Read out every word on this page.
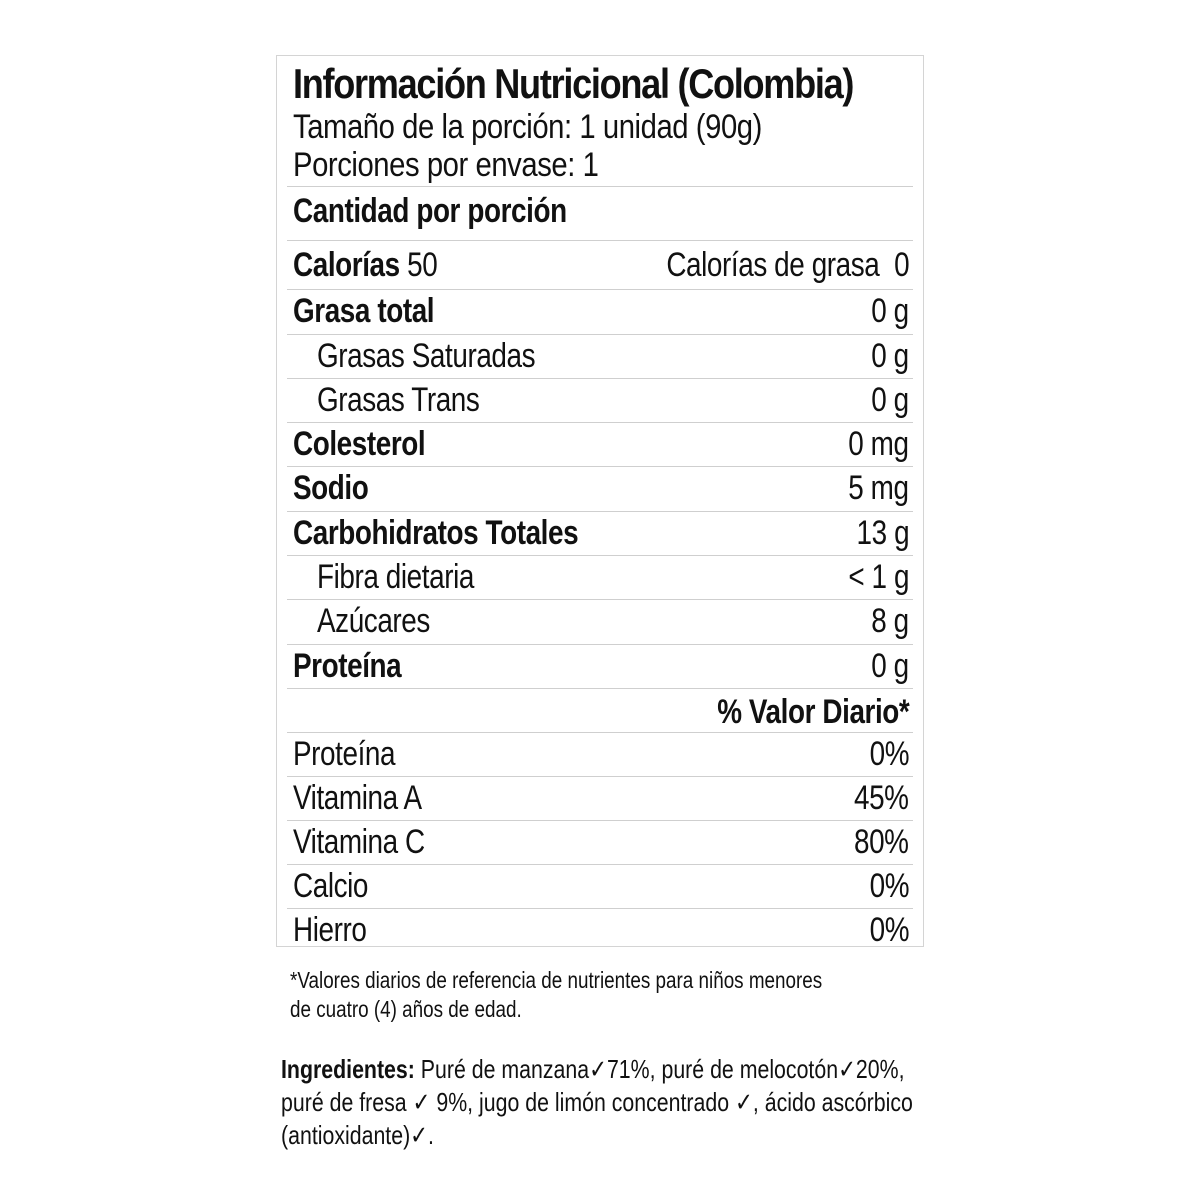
Información Nutricional (Colombia)
Tamaño de la porción: 1 unidad (90g)
Porciones por envase: 1
Cantidad por porción
Calorías 50	Calorías de grasa 0
Grasa total	0 g
Grasas Saturadas	0 g
Grasas Trans	0 g
Colesterol	0 mg
Sodio	5 mg
Carbohidratos Totales	13 g
Fibra dietaria	< 1 g
Azúcares	8 g
Proteína	0 g
% Valor Diario*
Proteína	0%
Vitamina A	45%
Vitamina C	80%
Calcio	0%
Hierro	0%
*Valores diarios de referencia de nutrientes para niños menores
de cuatro (4) años de edad.
Ingredientes: Puré de manzana✓71%, puré de melocotón✓20%,
puré de fresa ✓ 9%, jugo de limón concentrado ✓, ácido ascórbico
(antioxidante)✓.
